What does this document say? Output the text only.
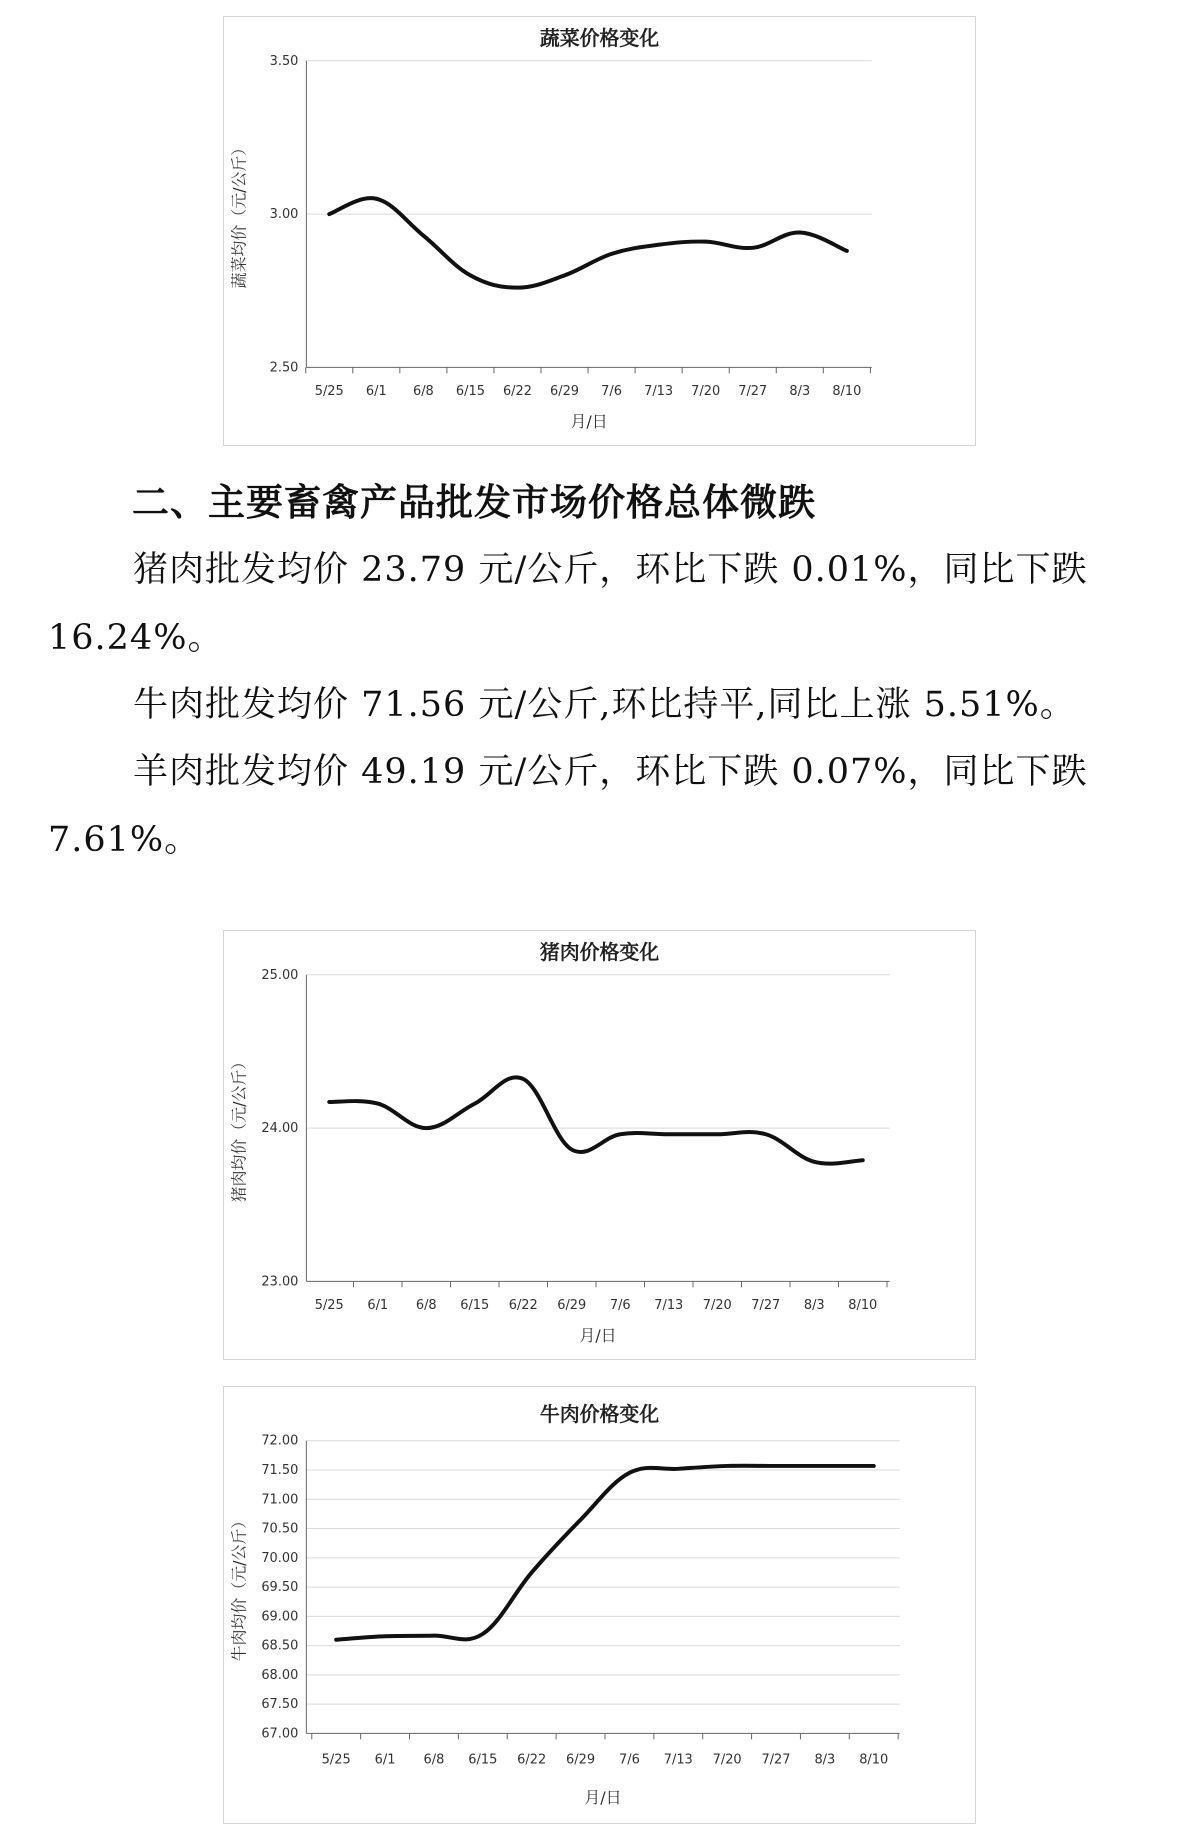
蔬菜价格变化
2.50
3.00
3.50
5/25 6/1 6/8 6/15 6/22 6/29 7/6 7/13 7/20 7/27 8/3 8/10
月/日
蔬菜均价（元/公斤）
二、主要畜禽产品批发市场价格总体微跌

猪肉批发均价 23.79 元/公斤，环比下跌 0.01%，同比下跌 16.24%。

牛肉批发均价 71.56 元/公斤,环比持平,同比上涨 5.51%。

羊肉批发均价 49.19 元/公斤，环比下跌 0.07%，同比下跌 7.61%。

猪肉价格变化
23.00
24.00
25.00
5/25 6/1 6/8 6/15 6/22 6/29 7/6 7/13 7/20 7/27 8/3 8/10
月/日
猪肉均价（元/公斤）
牛肉价格变化
67.00
67.50
68.00
68.50
69.00
69.50
70.00
70.50
71.00
71.50
72.00
5/25 6/1 6/8 6/15 6/22 6/29 7/6 7/13 7/20 7/27 8/3 8/10
月/日
牛肉均价（元/公斤）
